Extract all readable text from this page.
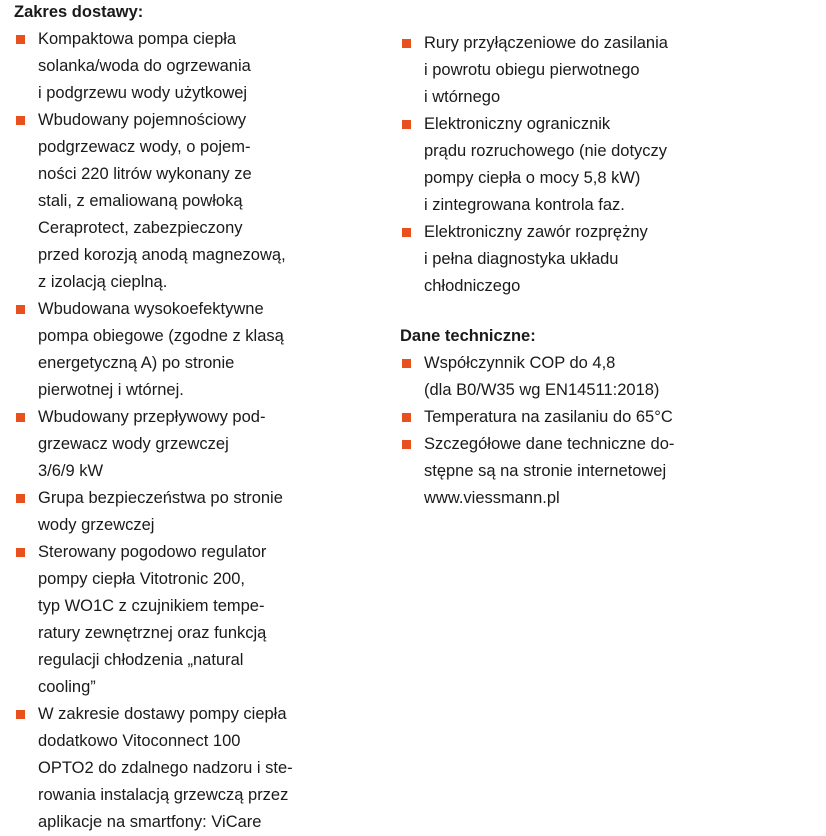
Zakres dostawy:
Kompaktowa pompa ciepła
solanka/woda do ogrzewania
i podgrzewu wody użytkowej
Wbudowany pojemnościowy
podgrzewacz wody, o pojem-
ności 220 litrów wykonany ze
stali, z emaliowaną powłoką
Ceraprotect, zabezpieczony
przed korozją anodą magnezową,
z izolacją cieplną.
Wbudowana wysokoefektywne
pompa obiegowe (zgodne z klasą
energetyczną A) po stronie
pierwotnej i wtórnej.
Wbudowany przepływowy pod-
grzewacz wody grzewczej
3/6/9 kW
Grupa bezpieczeństwa po stronie
wody grzewczej
Sterowany pogodowo regulator
pompy ciepła Vitotronic 200,
typ WO1C z czujnikiem tempe-
ratury zewnętrznej oraz funkcją
regulacji chłodzenia „natural
cooling”
W zakresie dostawy pompy ciepła
dodatkowo Vitoconnect 100
OPTO2 do zdalnego nadzoru i ste-
rowania instalacją grzewczą przez
aplikacje na smartfony: ViCare
Rury przyłączeniowe do zasilania
i powrotu obiegu pierwotnego
i wtórnego
Elektroniczny ogranicznik
prądu rozruchowego (nie dotyczy
pompy ciepła o mocy 5,8 kW)
i zintegrowana kontrola faz.
Elektroniczny zawór rozprężny
i pełna diagnostyka układu
chłodniczego
Dane techniczne:
Współczynnik COP do 4,8
(dla B0/W35 wg EN14511:2018)
Temperatura na zasilaniu do 65°C
Szczegółowe dane techniczne do-
stępne są na stronie internetowej
www.viessmann.pl
